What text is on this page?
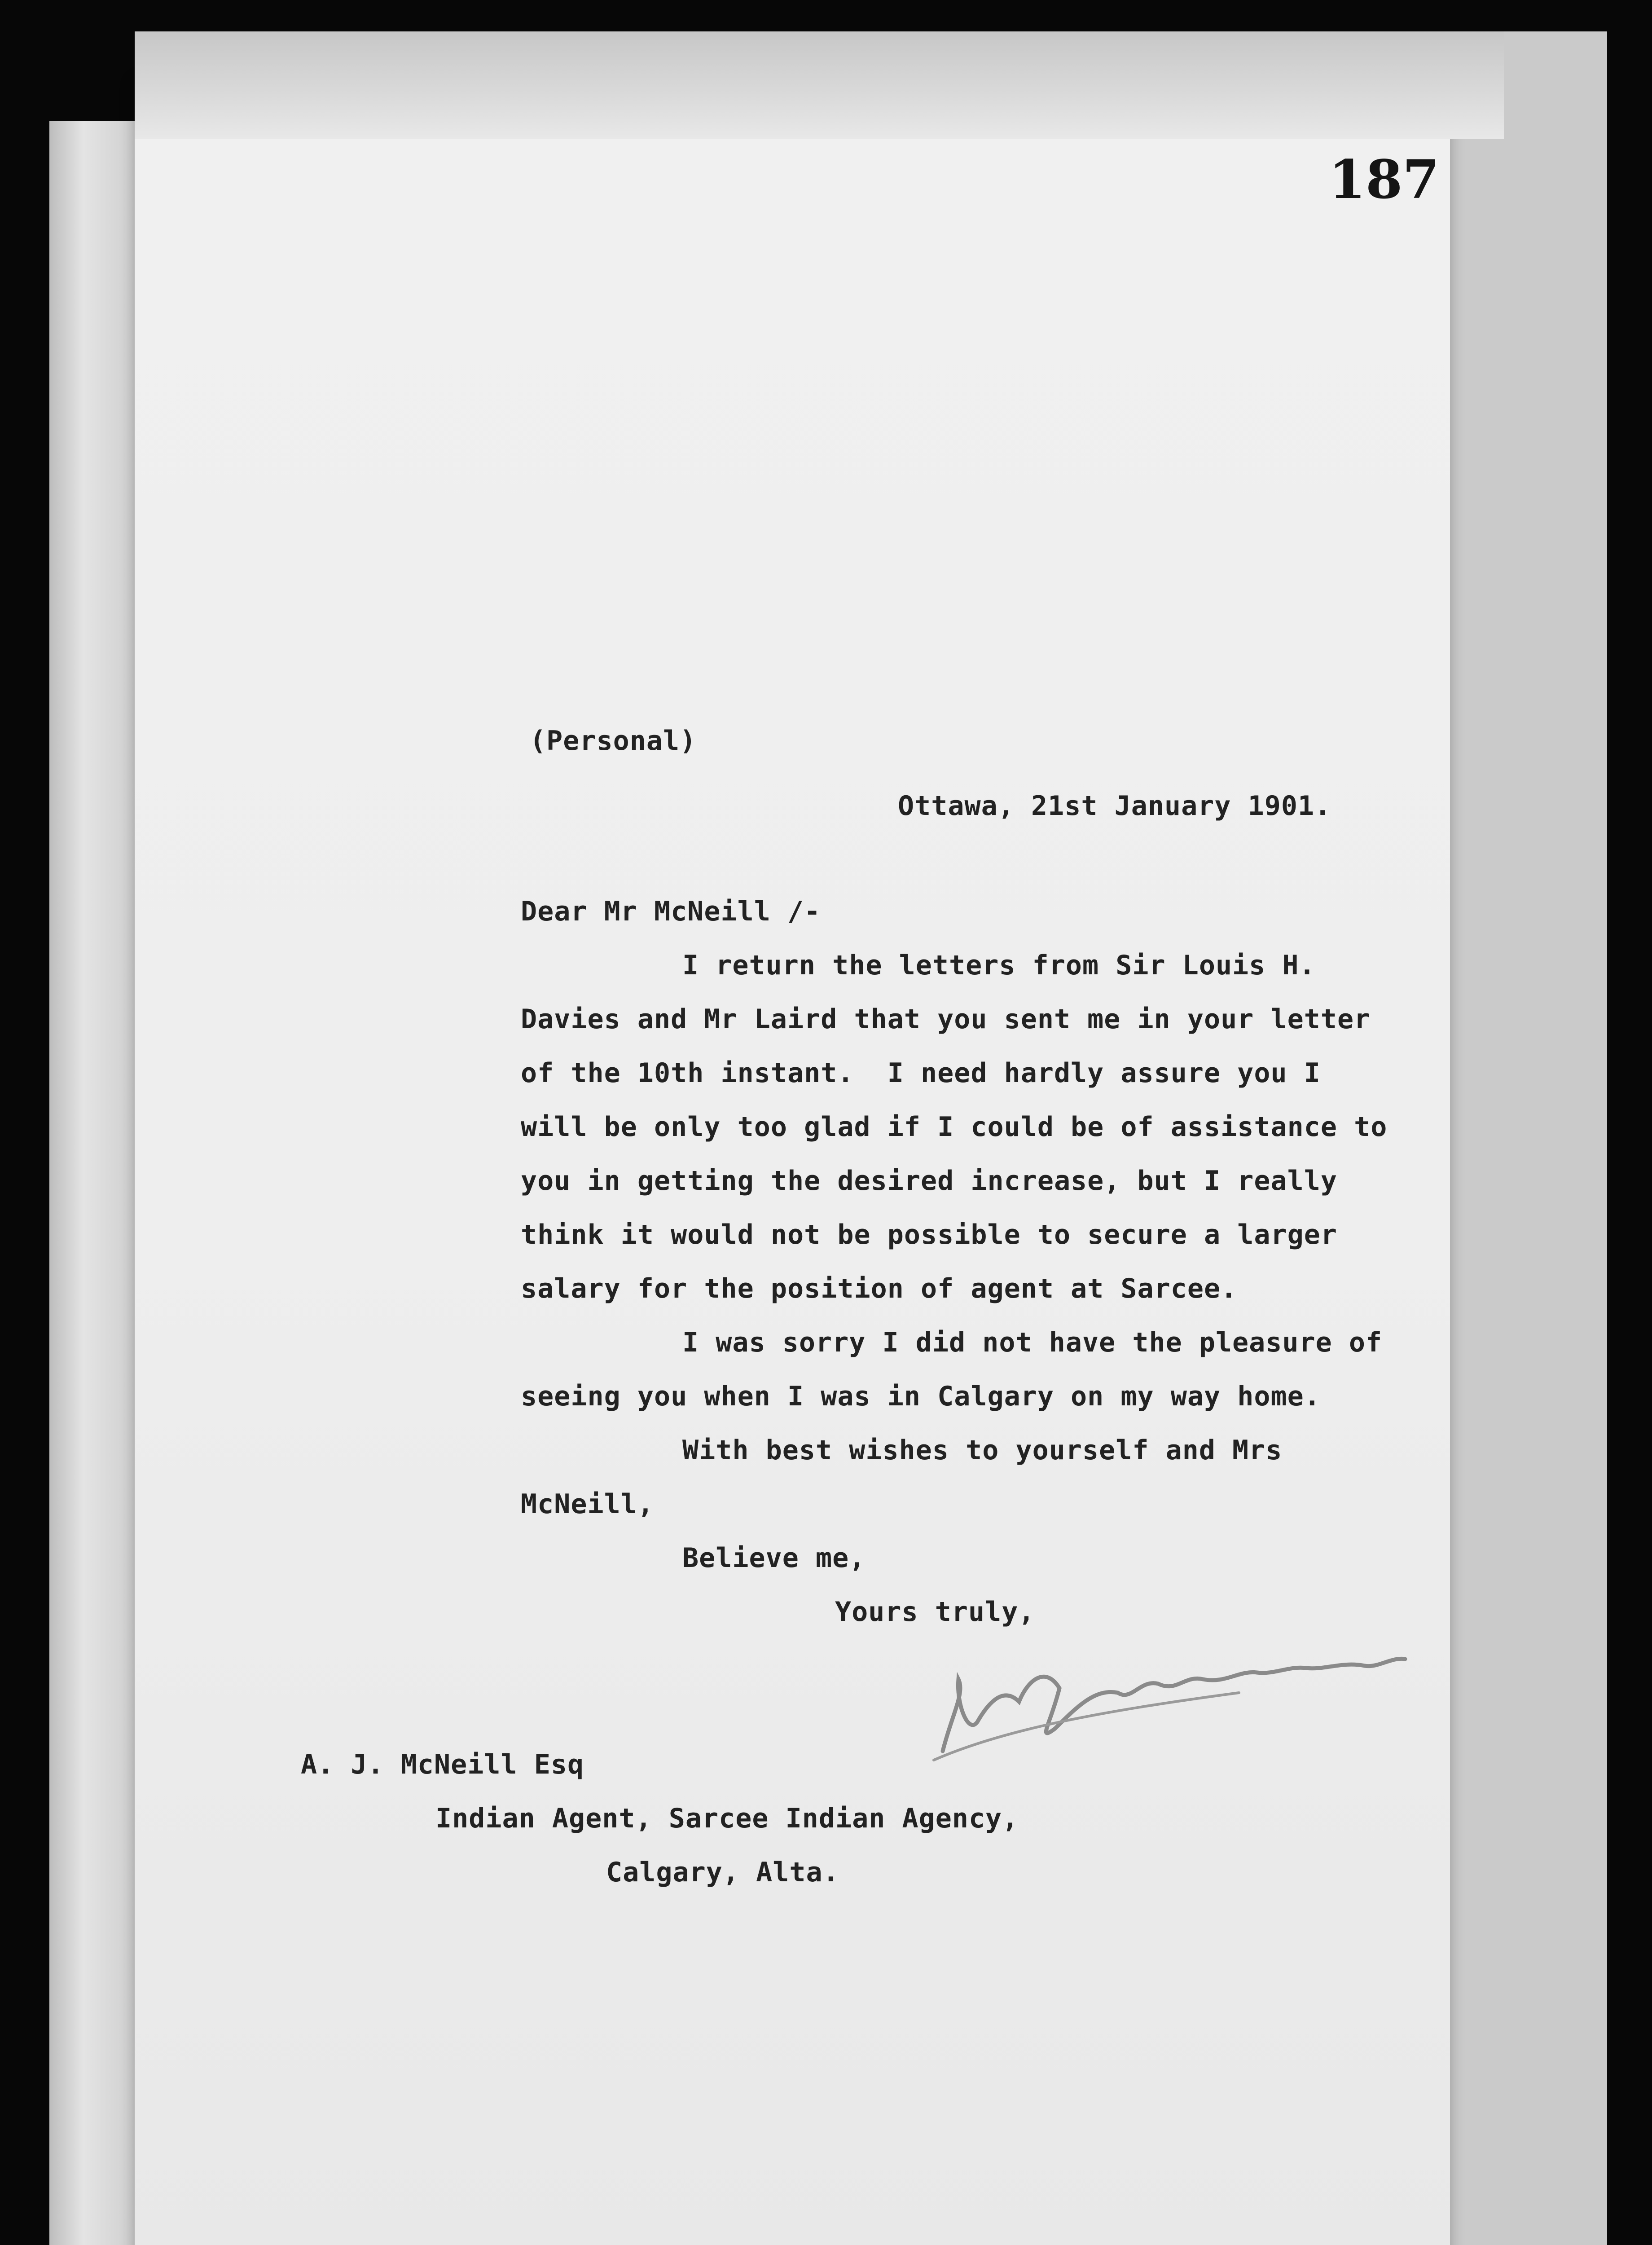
187

(Personal)

Ottawa, 21st January 1901.

Dear Mr McNeill /-

I return the letters from Sir Louis H.

Davies and Mr Laird that you sent me in your letter

of the 10th instant.  I need hardly assure you I

will be only too glad if I could be of assistance to

you in getting the desired increase, but I really

think it would not be possible to secure a larger

salary for the position of agent at Sarcee.

I was sorry I did not have the pleasure of

seeing you when I was in Calgary on my way home.

With best wishes to yourself and Mrs

McNeill,

Believe me,

Yours truly,

A. J. McNeill Esq

Indian Agent, Sarcee Indian Agency,

Calgary, Alta.
